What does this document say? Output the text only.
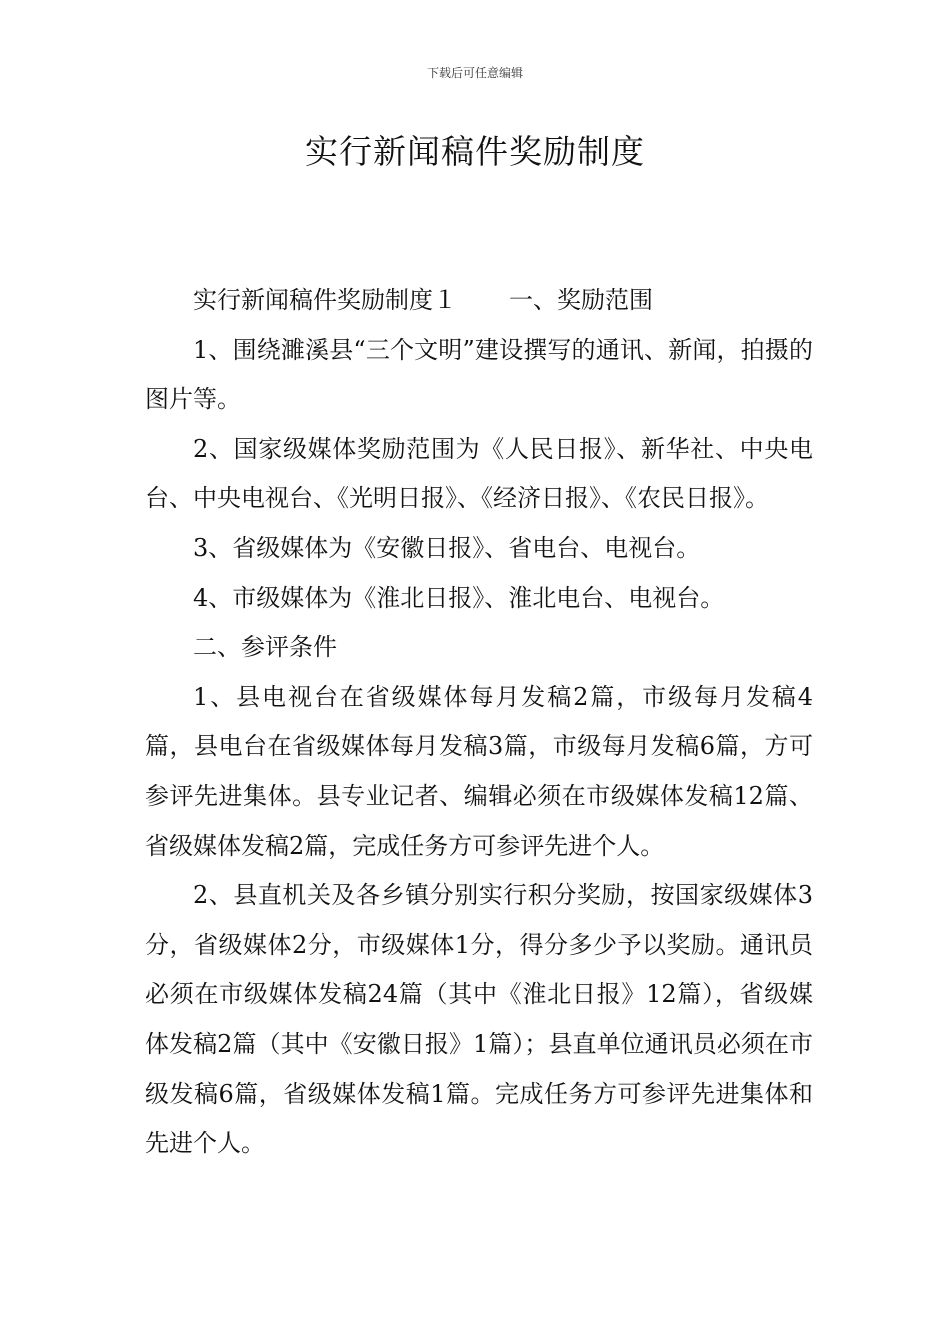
下载后可任意编辑
实行新闻稿件奖励制度

实行新闻稿件奖励制度１ 一、奖励范围

1、围绕濉溪县“三个文明”建设撰写的通讯、新闻，拍摄的图片等。

2、国家级媒体奖励范围为《人民日报》、新华社、中央电台、中央电视台、《光明日报》、《经济日报》、《农民日报》。

3、省级媒体为《安徽日报》、省电台、电视台。

4、市级媒体为《淮北日报》、淮北电台、电视台。

二、参评条件

1、县电视台在省级媒体每月发稿2篇，市级每月发稿4篇，县电台在省级媒体每月发稿3篇，市级每月发稿6篇，方可参评先进集体。县专业记者、编辑必须在市级媒体发稿12篇、省级媒体发稿2篇，完成任务方可参评先进个人。

2、县直机关及各乡镇分别实行积分奖励，按国家级媒体3分，省级媒体2分，市级媒体1分，得分多少予以奖励。通讯员必须在市级媒体发稿24篇（其中《淮北日报》12篇），省级媒体发稿2篇（其中《安徽日报》1篇）；县直单位通讯员必须在市级发稿6篇，省级媒体发稿1篇。完成任务方可参评先进集体和先进个人。
